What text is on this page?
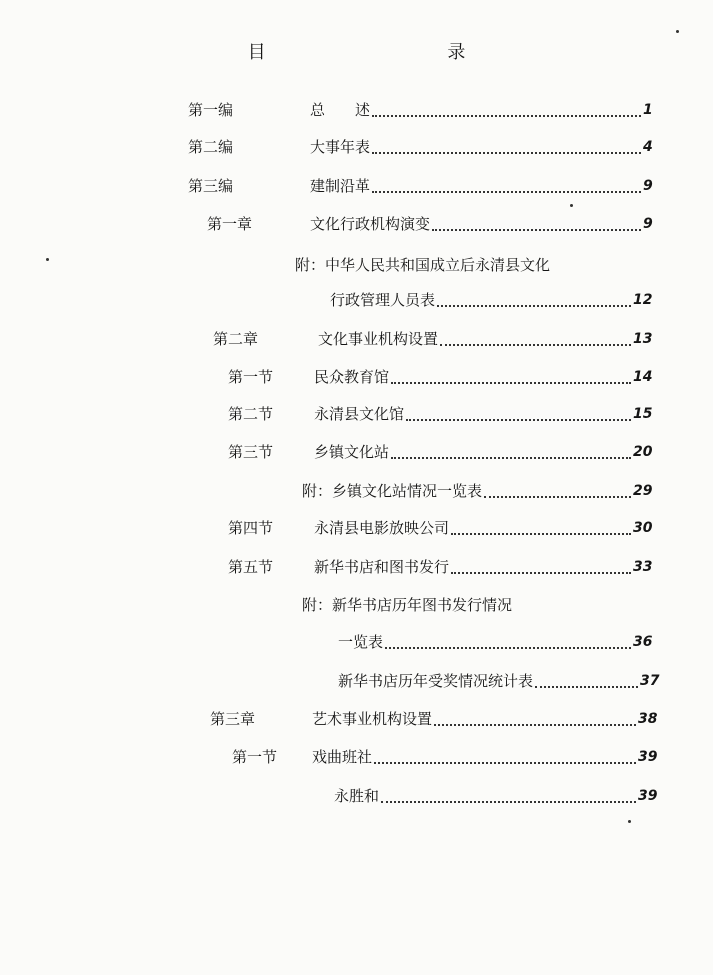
目 录
第一编	总　　述	1
第二编	大事年表	4
第三编	建制沿革	9
第一章	文化行政机构演变	9
附：中华人民共和国成立后永清县文化
行政管理人员表	12
第二章	文化事业机构设置	13
第一节	民众教育馆	14
第二节	永清县文化馆	15
第三节	乡镇文化站	20
附：乡镇文化站情况一览表	29
第四节	永清县电影放映公司	30
第五节	新华书店和图书发行	33
附：新华书店历年图书发行情况
一览表	36
新华书店历年受奖情况统计表	37
第三章	艺术事业机构设置	38
第一节 戏曲班社	39
永胜和	39
